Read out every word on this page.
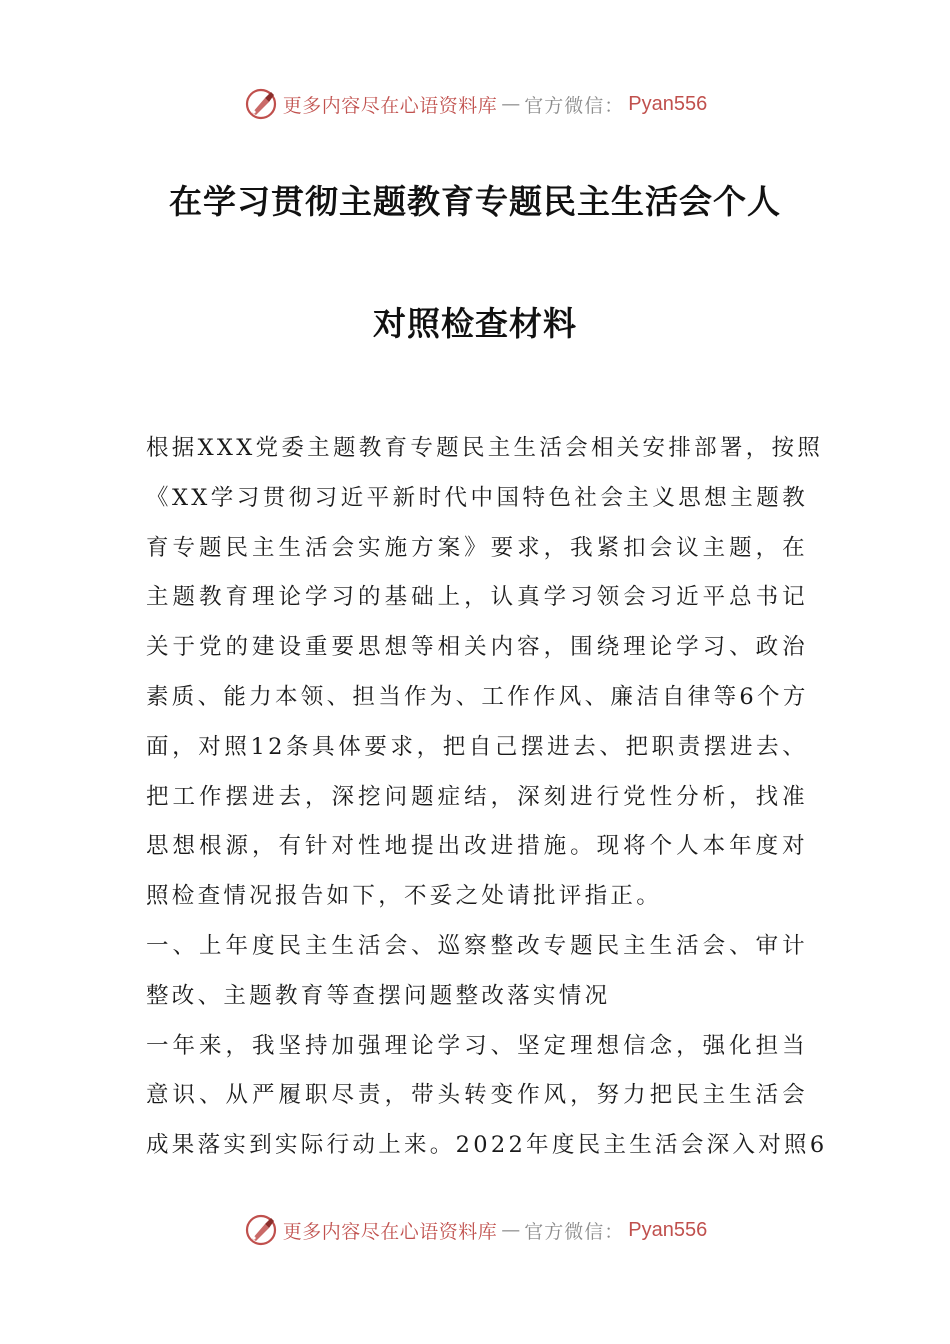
更多内容尽在心语资料库 — 官方微信： Pyan556
在学习贯彻主题教育专题民主生活会个人
对照检查材料
根据XXX党委主题教育专题民主生活会相关安排部署，按照
《XX学习贯彻习近平新时代中国特色社会主义思想主题教
育专题民主生活会实施方案》要求，我紧扣会议主题，在
主题教育理论学习的基础上，认真学习领会习近平总书记
关于党的建设重要思想等相关内容，围绕理论学习、政治
素质、能力本领、担当作为、工作作风、廉洁自律等6个方
面，对照12条具体要求，把自己摆进去、把职责摆进去、
把工作摆进去，深挖问题症结，深刻进行党性分析，找准
思想根源，有针对性地提出改进措施。现将个人本年度对
照检查情况报告如下，不妥之处请批评指正。
一、上年度民主生活会、巡察整改专题民主生活会、审计
整改、主题教育等查摆问题整改落实情况
一年来，我坚持加强理论学习、坚定理想信念，强化担当
意识、从严履职尽责，带头转变作风，努力把民主生活会
成果落实到实际行动上来。2022年度民主生活会深入对照6
更多内容尽在心语资料库 — 官方微信： Pyan556
